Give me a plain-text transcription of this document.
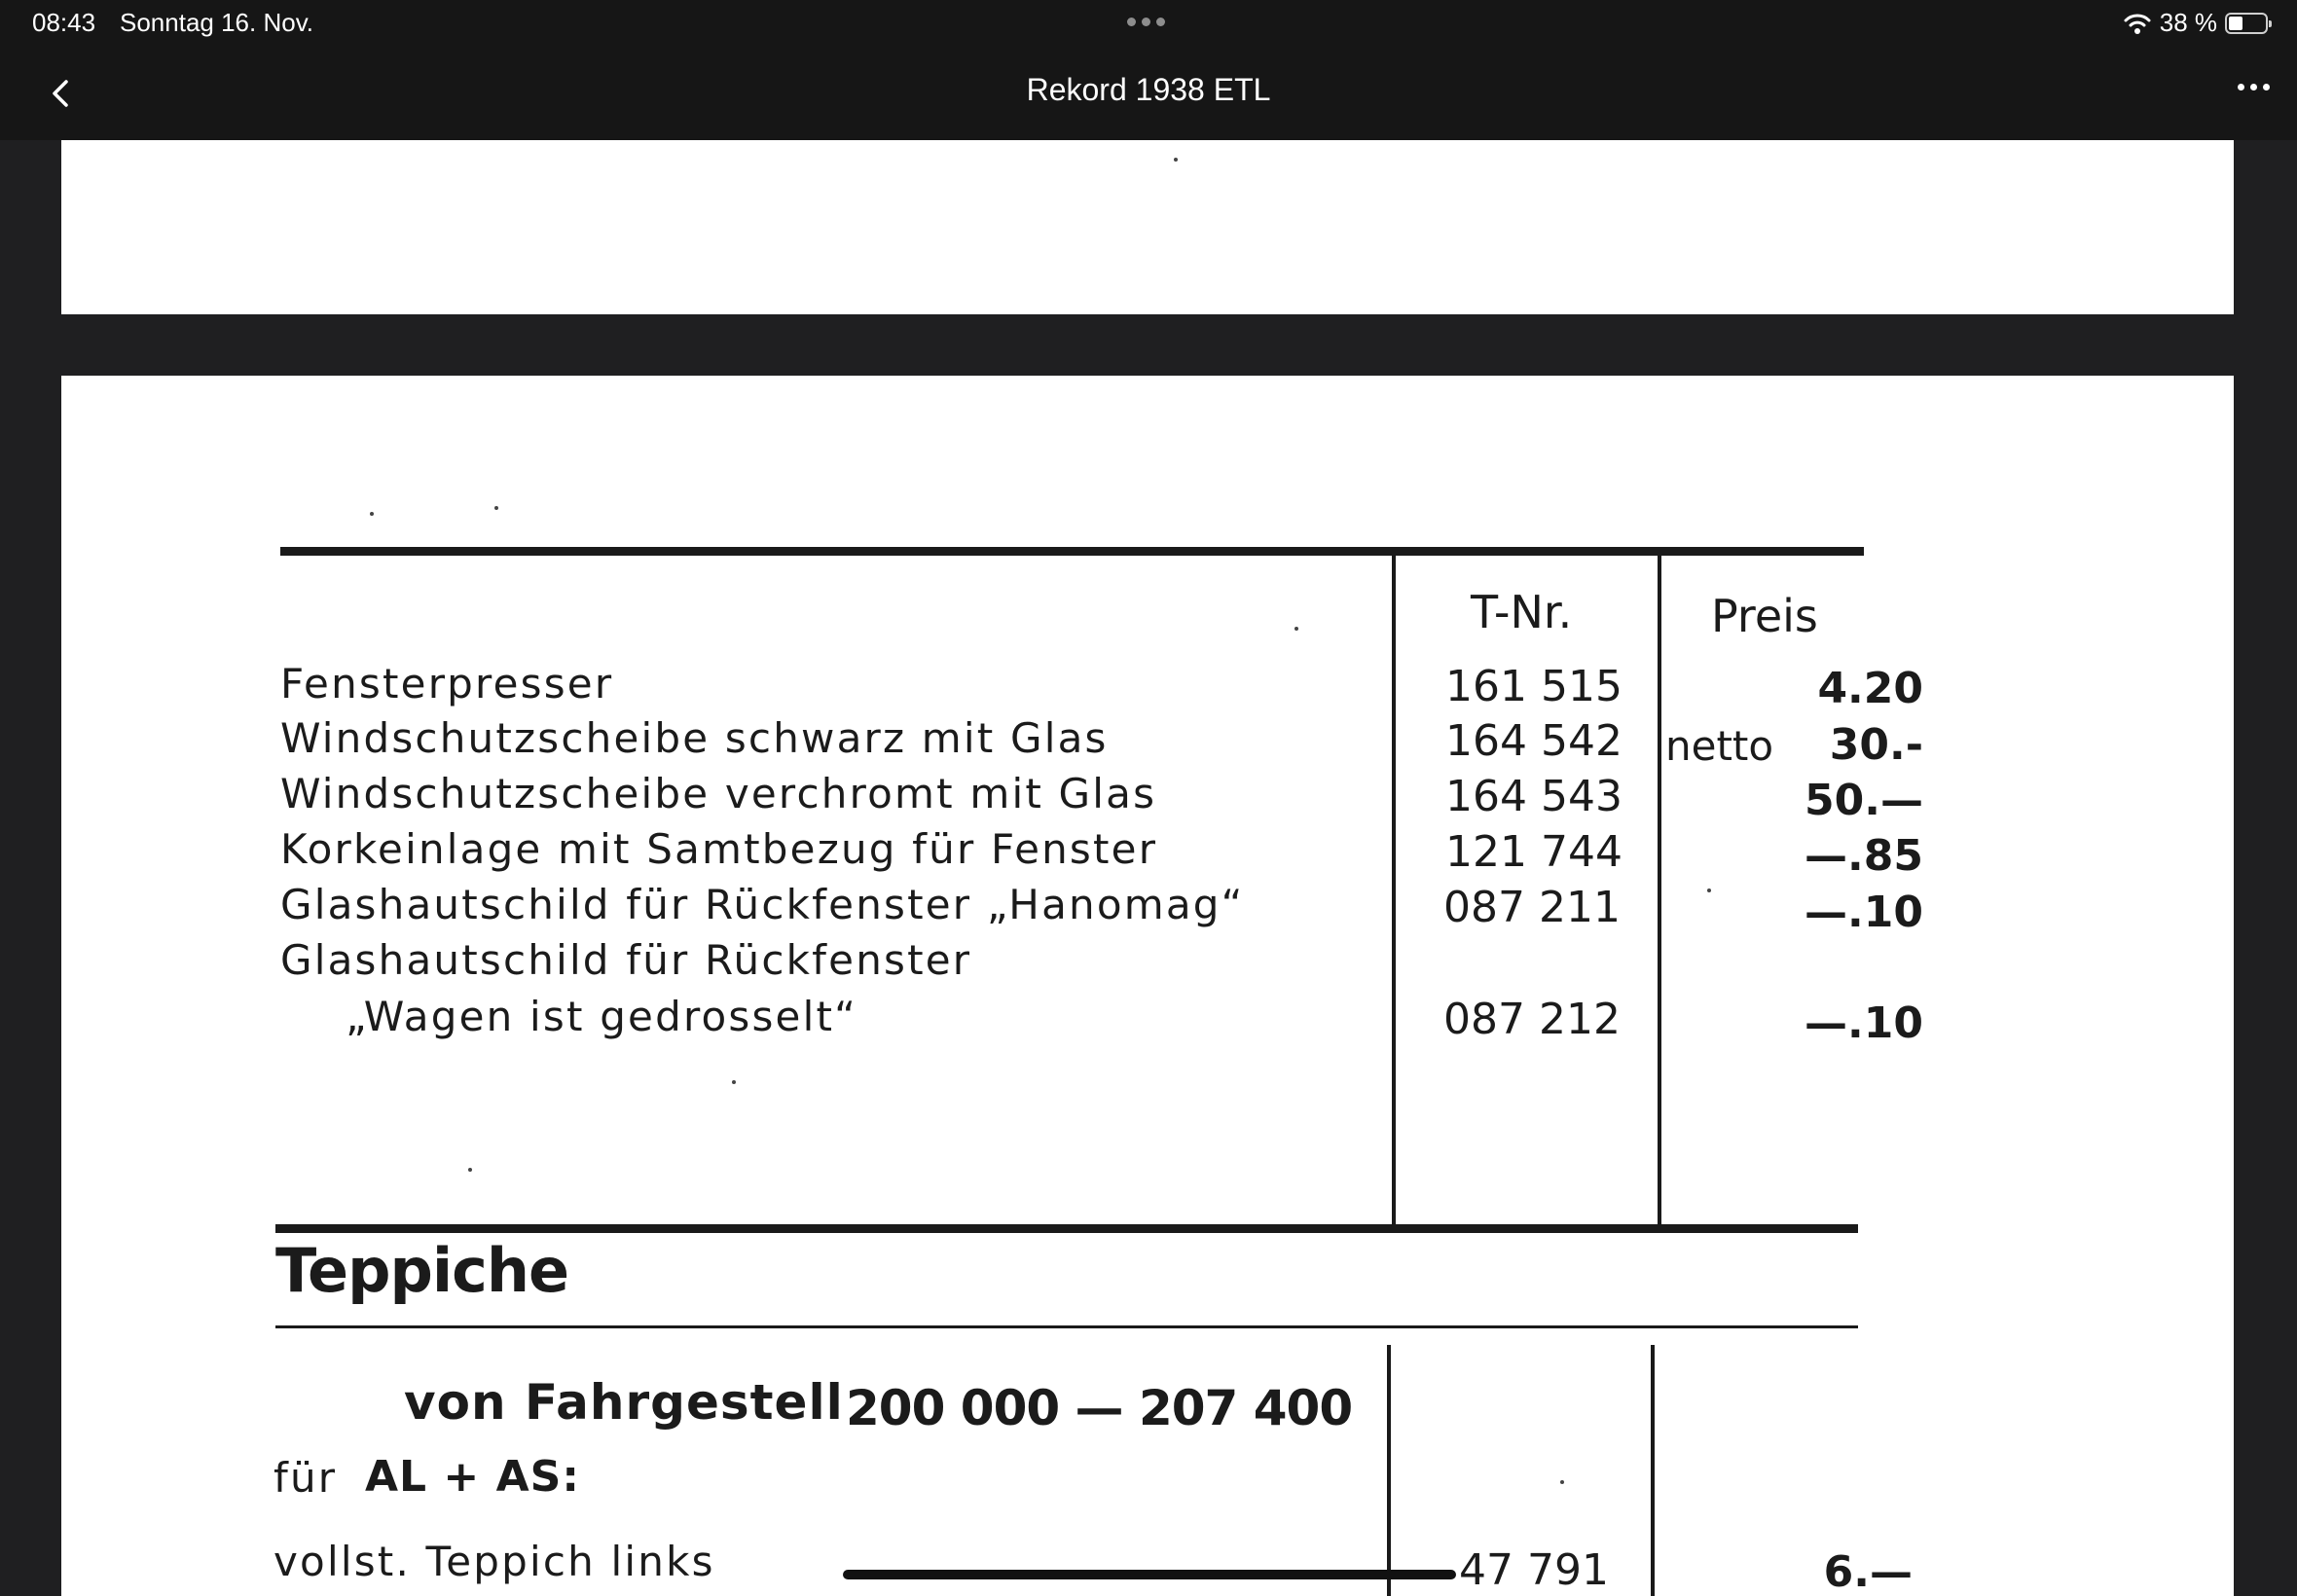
08:43 Sonntag 16. Nov.	38 %
Rekord 1938 ETL
T-Nr.	Preis
Fensterpresser	161 515	4.20
Windschutzscheibe schwarz mit Glas	164 542 netto 30.-
Windschutzscheibe verchromt mit Glas	164 543	50.—
Korkeinlage mit Samtbezug für Fenster	121 744	—.85
Glashautschild für Rückfenster „Hanomag“	087 211	—.10
Glashautschild für Rückfenster
„Wagen ist gedrosselt“	087 212	—.10
Teppiche
von Fahrgestell 200 000 — 207 400
für AL + AS:
vollst. Teppich links	47 791	6.—
